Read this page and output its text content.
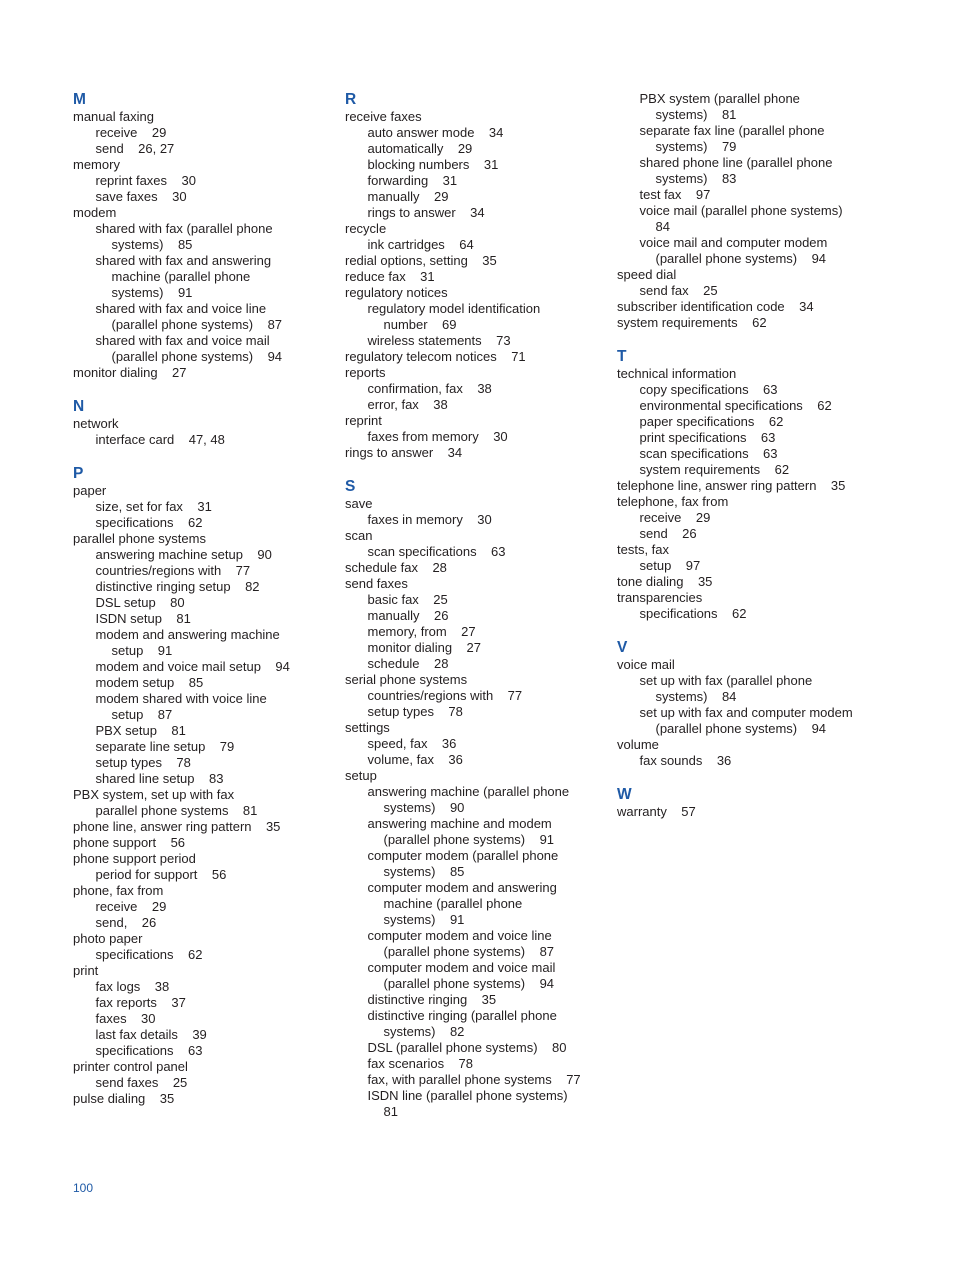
M
manual faxing
receive    29
send    26, 27
memory
reprint faxes    30
save faxes    30
modem
shared with fax (parallel phone
systems)    85
shared with fax and answering
machine (parallel phone
systems)    91
shared with fax and voice line
(parallel phone systems)    87
shared with fax and voice mail
(parallel phone systems)    94
monitor dialing    27
N
network
interface card    47, 48
P
paper
size, set for fax    31
specifications    62
parallel phone systems
answering machine setup    90
countries/regions with    77
distinctive ringing setup    82
DSL setup    80
ISDN setup    81
modem and answering machine
setup    91
modem and voice mail setup    94
modem setup    85
modem shared with voice line
setup    87
PBX setup    81
separate line setup    79
setup types    78
shared line setup    83
PBX system, set up with fax
parallel phone systems    81
phone line, answer ring pattern    35
phone support    56
phone support period
period for support    56
phone, fax from
receive    29
send,    26
photo paper
specifications    62
print
fax logs    38
fax reports    37
faxes    30
last fax details    39
specifications    63
printer control panel
send faxes    25
pulse dialing    35
R
receive faxes
auto answer mode    34
automatically    29
blocking numbers    31
forwarding    31
manually    29
rings to answer    34
recycle
ink cartridges    64
redial options, setting    35
reduce fax    31
regulatory notices
regulatory model identification
number    69
wireless statements    73
regulatory telecom notices    71
reports
confirmation, fax    38
error, fax    38
reprint
faxes from memory    30
rings to answer    34
S
save
faxes in memory    30
scan
scan specifications    63
schedule fax    28
send faxes
basic fax    25
manually    26
memory, from    27
monitor dialing    27
schedule    28
serial phone systems
countries/regions with    77
setup types    78
settings
speed, fax    36
volume, fax    36
setup
answering machine (parallel phone
systems)    90
answering machine and modem
(parallel phone systems)    91
computer modem (parallel phone
systems)    85
computer modem and answering
machine (parallel phone
systems)    91
computer modem and voice line
(parallel phone systems)    87
computer modem and voice mail
(parallel phone systems)    94
distinctive ringing    35
distinctive ringing (parallel phone
systems)    82
DSL (parallel phone systems)    80
fax scenarios    78
fax, with parallel phone systems    77
ISDN line (parallel phone systems)
81
PBX system (parallel phone
systems)    81
separate fax line (parallel phone
systems)    79
shared phone line (parallel phone
systems)    83
test fax    97
voice mail (parallel phone systems)
84
voice mail and computer modem
(parallel phone systems)    94
speed dial
send fax    25
subscriber identification code    34
system requirements    62
T
technical information
copy specifications    63
environmental specifications    62
paper specifications    62
print specifications    63
scan specifications    63
system requirements    62
telephone line, answer ring pattern    35
telephone, fax from
receive    29
send    26
tests, fax
setup    97
tone dialing    35
transparencies
specifications    62
V
voice mail
set up with fax (parallel phone
systems)    84
set up with fax and computer modem
(parallel phone systems)    94
volume
fax sounds    36
W
warranty    57
100
